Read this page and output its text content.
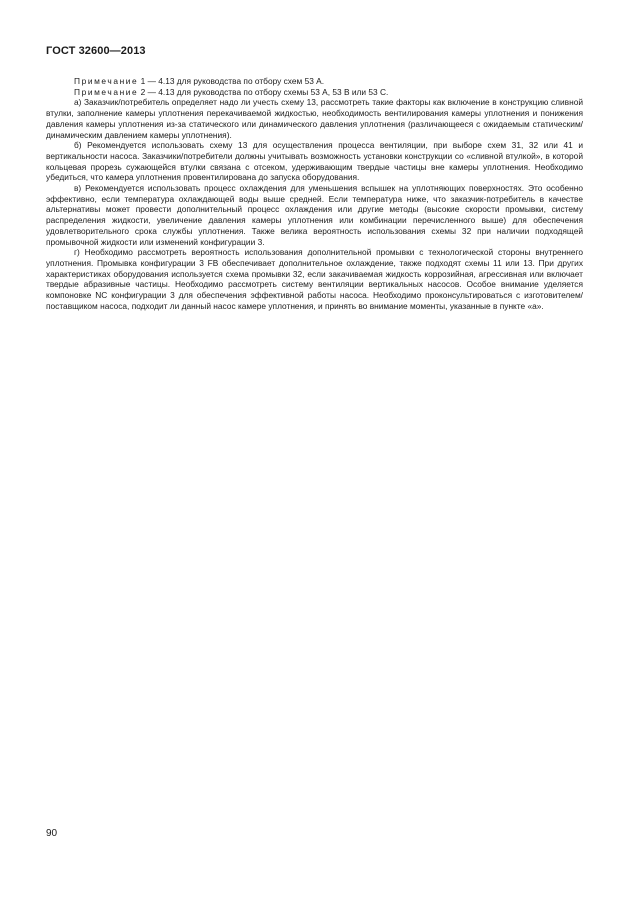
ГОСТ 32600—2013

Примечание 1 — 4.13 для руководства по отбору схем 53 А.

Примечание 2 — 4.13 для руководства по отбору схемы 53 А, 53 В или 53 С.

а) Заказчик/потребитель определяет надо ли учесть схему 13, рассмотреть такие факторы как включение в конструкцию сливной втулки, заполнение камеры уплотнения перекачиваемой жидкостью, необходимость вентилирования камеры уплотнения и понижения давления камеры уплотнения из-за статического или динамического давления уплотнения (различающееся с ожидаемым статическим/динамическим давлением камеры уплотнения).

б) Рекомендуется использовать схему 13 для осуществления процесса вентиляции, при выборе схем 31, 32 или 41 и вертикальности насоса. Заказчики/потребители должны учитывать возможность установки конструкции со «сливной втулкой», в которой кольцевая прорезь сужающейся втулки связана с отсеком, удерживающим твердые частицы вне камеры уплотнения. Необходимо убедиться, что камера уплотнения провентилирована до запуска оборудования.

в) Рекомендуется использовать процесс охлаждения для уменьшения вспышек на уплотняющих поверхностях. Это особенно эффективно, если температура охлаждающей воды выше средней. Если температура ниже, что заказчик-потребитель в качестве альтернативы может провести дополнительный процесс охлаждения или другие методы (высокие скорости промывки, систему распределения жидкости, увеличение давления камеры уплотнения или комбинации перечисленного выше) для обеспечения удовлетворительного срока службы уплотнения. Также велика вероятность использования схемы 32 при наличии подходящей промывочной жидкости или изменений конфигурации 3.

г) Необходимо рассмотреть вероятность использования дополнительной промывки с технологической стороны внутреннего уплотнения. Промывка конфигурации 3 FB обеспечивает дополнительное охлаждение, также подходят схемы 11 или 13. При других характеристиках оборудования используется схема промывки 32, если закачиваемая жидкость коррозийная, агрессивная или включает твердые абразивные частицы. Необходимо рассмотреть систему вентиляции вертикальных насосов. Особое внимание уделяется компоновке NC конфигурации 3 для обеспечения эффективной работы насоса. Необходимо проконсультироваться с изготовителем/поставщиком насоса, подходит ли данный насос камере уплотнения, и принять во внимание моменты, указанные в пункте «а».

90
